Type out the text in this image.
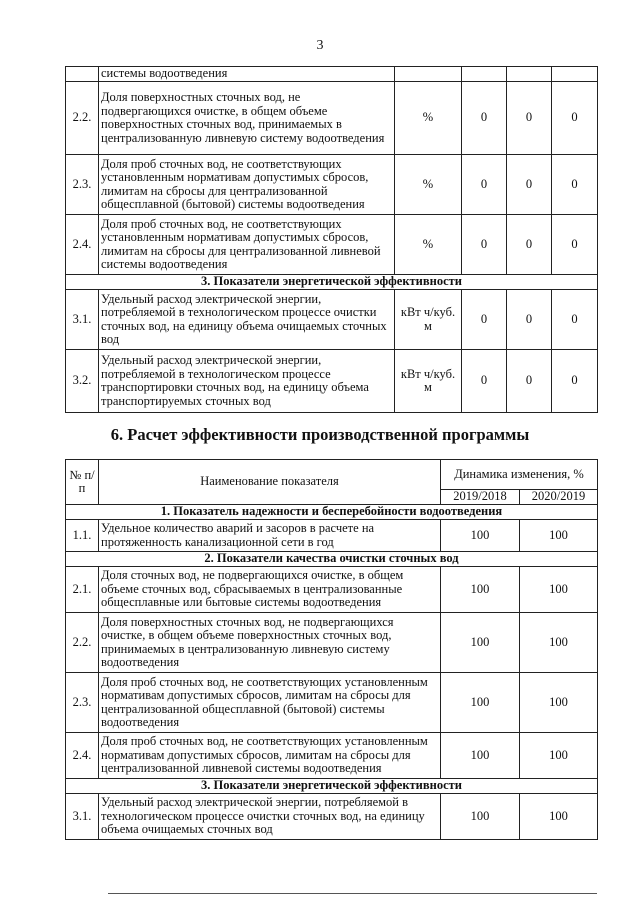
3
	системы водоотведения				
2.2.	Доля поверхностных сточных вод, не подвергающихся очистке, в общем объеме поверхностных сточных вод, принимаемых в централизованную ливневую систему водоотведения	%	0	0	0
2.3.	Доля проб сточных вод, не соответствующих установленным нормативам допустимых сбросов, лимитам на сбросы для централизованной общесплавной (бытовой) системы водоотведения	%	0	0	0
2.4.	Доля проб сточных вод, не соответствующих установленным нормативам допустимых сбросов, лимитам на сбросы для централизованной ливневой системы водоотведения	%	0	0	0
3. Показатели энергетической эффективности					
3.1.	Удельный расход электрической энергии, потребляемой в технологическом процессе очистки сточных вод, на единицу объема очищаемых сточных вод	кВт ч/куб. м	0	0	0
3.2.	Удельный расход электрической энергии, потребляемой в технологическом процессе транспортировки сточных вод, на единицу объема транспортируемых сточных вод	кВт ч/куб. м	0	0	0
6. Расчет эффективности производственной программы
№ п/п	Наименование показателя	Динамика изменения, %	
		2019/2018	2020/2019
1. Показатель надежности и бесперебойности водоотведения			
1.1.	Удельное количество аварий и засоров в расчете на протяженность канализационной сети в год	100	100
2. Показатели качества очистки сточных вод			
2.1.	Доля сточных вод, не подвергающихся очистке, в общем объеме сточных вод, сбрасываемых в централизованные общесплавные или бытовые системы водоотведения	100	100
2.2.	Доля поверхностных сточных вод, не подвергающихся очистке, в общем объеме поверхностных сточных вод, принимаемых в централизованную ливневую систему водоотведения	100	100
2.3.	Доля проб сточных вод, не соответствующих установленным нормативам допустимых сбросов, лимитам на сбросы для централизованной общесплавной (бытовой) системы водоотведения	100	100
2.4.	Доля проб сточных вод, не соответствующих установленным нормативам допустимых сбросов, лимитам на сбросы для централизованной ливневой системы водоотведения	100	100
3. Показатели энергетической эффективности			
3.1.	Удельный расход электрической энергии, потребляемой в технологическом процессе очистки сточных вод, на единицу объема очищаемых сточных вод	100	100
